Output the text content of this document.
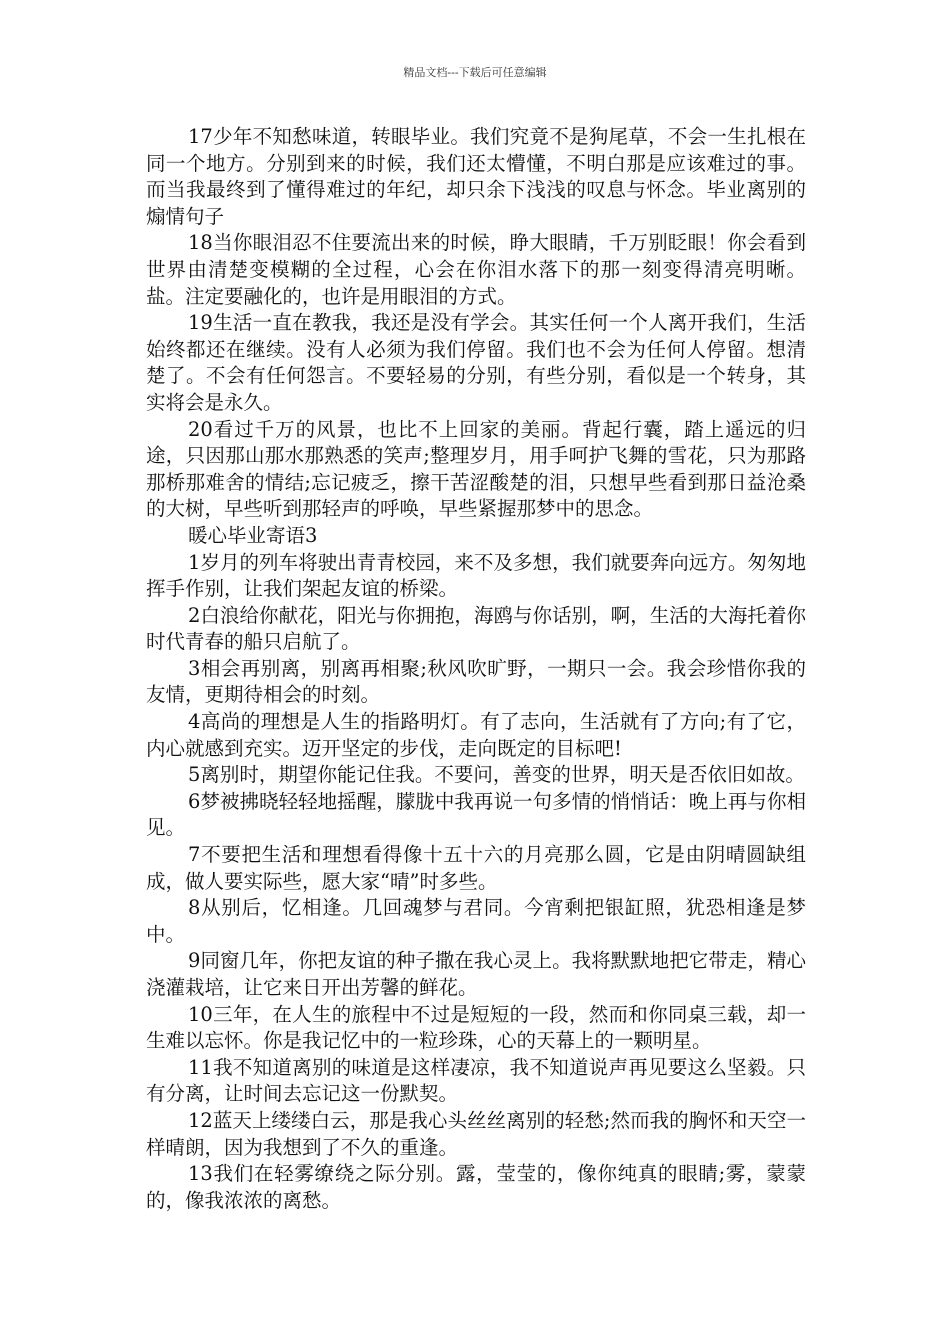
精品文档---下载后可任意编辑

17少年不知愁味道，转眼毕业。我们究竟不是狗尾草，不会一生扎根在同一个地方。分别到来的时候，我们还太懵懂，不明白那是应该难过的事。而当我最终到了懂得难过的年纪，却只余下浅浅的叹息与怀念。毕业离别的煽情句子

18当你眼泪忍不住要流出来的时候，睁大眼睛，千万别眨眼！你会看到世界由清楚变模糊的全过程，心会在你泪水落下的那一刻变得清亮明晰。盐。注定要融化的，也许是用眼泪的方式。

19生活一直在教我，我还是没有学会。其实任何一个人离开我们，生活始终都还在继续。没有人必须为我们停留。我们也不会为任何人停留。想清楚了。不会有任何怨言。不要轻易的分别，有些分别，看似是一个转身，其实将会是永久。

20看过千万的风景，也比不上回家的美丽。背起行囊，踏上遥远的归途，只因那山那水那熟悉的笑声;整理岁月，用手呵护飞舞的雪花，只为那路那桥那难舍的情结;忘记疲乏，擦干苦涩酸楚的泪，只想早些看到那日益沧桑的大树，早些听到那轻声的呼唤，早些紧握那梦中的思念。

暖心毕业寄语3

1岁月的列车将驶出青青校园，来不及多想，我们就要奔向远方。匆匆地挥手作别，让我们架起友谊的桥梁。

2白浪给你献花，阳光与你拥抱，海鸥与你话别，啊，生活的大海托着你时代青春的船只启航了。

3相会再别离，别离再相聚;秋风吹旷野，一期只一会。我会珍惜你我的友情，更期待相会的时刻。

4高尚的理想是人生的指路明灯。有了志向，生活就有了方向;有了它，内心就感到充实。迈开坚定的步伐，走向既定的目标吧!

5离别时，期望你能记住我。不要问，善变的世界，明天是否依旧如故。

6梦被拂晓轻轻地摇醒，朦胧中我再说一句多情的悄悄话：晚上再与你相见。

7不要把生活和理想看得像十五十六的月亮那么圆，它是由阴晴圆缺组成，做人要实际些，愿大家“晴”时多些。

8从别后，忆相逢。几回魂梦与君同。今宵剩把银缸照，犹恐相逢是梦中。

9同窗几年，你把友谊的种子撒在我心灵上。我将默默地把它带走，精心浇灌栽培，让它来日开出芳馨的鲜花。

10三年，在人生的旅程中不过是短短的一段，然而和你同桌三载，却一生难以忘怀。你是我记忆中的一粒珍珠，心的天幕上的一颗明星。

11我不知道离别的味道是这样凄凉，我不知道说声再见要这么坚毅。只有分离，让时间去忘记这一份默契。

12蓝天上缕缕白云，那是我心头丝丝离别的轻愁;然而我的胸怀和天空一样晴朗，因为我想到了不久的重逢。

13我们在轻雾缭绕之际分别。露，莹莹的，像你纯真的眼睛;雾，蒙蒙的，像我浓浓的离愁。
